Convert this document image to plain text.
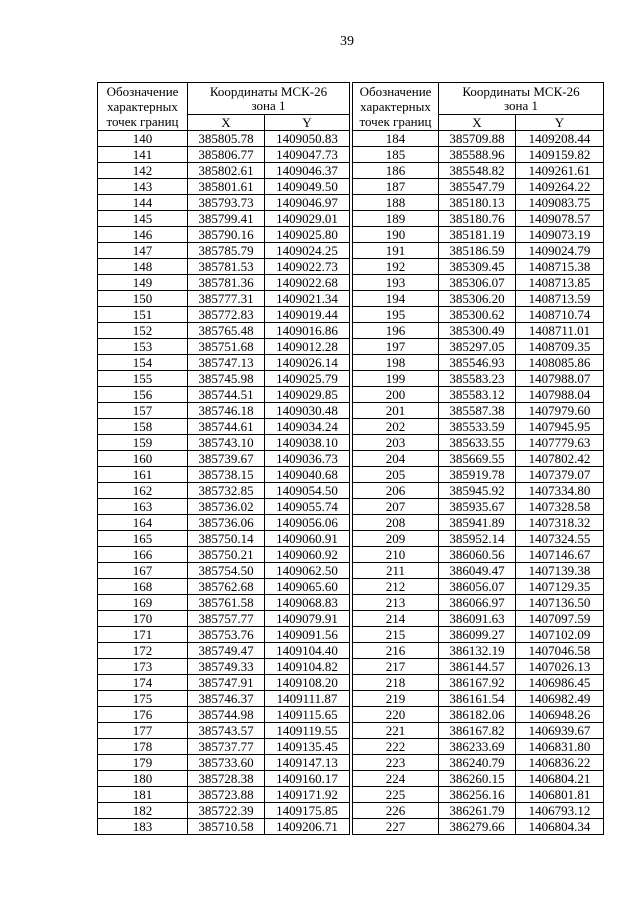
39
Обозначение
характерных
точек границ	Координаты МСК-26
зона 1	

	X	Y
140	385805.78	1409050.83
141	385806.77	1409047.73
142	385802.61	1409046.37
143	385801.61	1409049.50
144	385793.73	1409046.97
145	385799.41	1409029.01
146	385790.16	1409025.80
147	385785.79	1409024.25
148	385781.53	1409022.73
149	385781.36	1409022.68
150	385777.31	1409021.34
151	385772.83	1409019.44
152	385765.48	1409016.86
153	385751.68	1409012.28
154	385747.13	1409026.14
155	385745.98	1409025.79
156	385744.51	1409029.85
157	385746.18	1409030.48
158	385744.61	1409034.24
159	385743.10	1409038.10
160	385739.67	1409036.73
161	385738.15	1409040.68
162	385732.85	1409054.50
163	385736.02	1409055.74
164	385736.06	1409056.06
165	385750.14	1409060.91
166	385750.21	1409060.92
167	385754.50	1409062.50
168	385762.68	1409065.60
169	385761.58	1409068.83
170	385757.77	1409079.91
171	385753.76	1409091.56
172	385749.47	1409104.40
173	385749.33	1409104.82
174	385747.91	1409108.20
175	385746.37	1409111.87
176	385744.98	1409115.65
177	385743.57	1409119.55
178	385737.77	1409135.45
179	385733.60	1409147.13
180	385728.38	1409160.17
181	385723.88	1409171.92
182	385722.39	1409175.85
183	385710.58	1409206.71
Обозначение
характерных
точек границ	Координаты МСК-26
зона 1	

	X	Y
184	385709.88	1409208.44
185	385588.96	1409159.82
186	385548.82	1409261.61
187	385547.79	1409264.22
188	385180.13	1409083.75
189	385180.76	1409078.57
190	385181.19	1409073.19
191	385186.59	1409024.79
192	385309.45	1408715.38
193	385306.07	1408713.85
194	385306.20	1408713.59
195	385300.62	1408710.74
196	385300.49	1408711.01
197	385297.05	1408709.35
198	385546.93	1408085.86
199	385583.23	1407988.07
200	385583.12	1407988.04
201	385587.38	1407979.60
202	385533.59	1407945.95
203	385633.55	1407779.63
204	385669.55	1407802.42
205	385919.78	1407379.07
206	385945.92	1407334.80
207	385935.67	1407328.58
208	385941.89	1407318.32
209	385952.14	1407324.55
210	386060.56	1407146.67
211	386049.47	1407139.38
212	386056.07	1407129.35
213	386066.97	1407136.50
214	386091.63	1407097.59
215	386099.27	1407102.09
216	386132.19	1407046.58
217	386144.57	1407026.13
218	386167.92	1406986.45
219	386161.54	1406982.49
220	386182.06	1406948.26
221	386167.82	1406939.67
222	386233.69	1406831.80
223	386240.79	1406836.22
224	386260.15	1406804.21
225	386256.16	1406801.81
226	386261.79	1406793.12
227	386279.66	1406804.34
